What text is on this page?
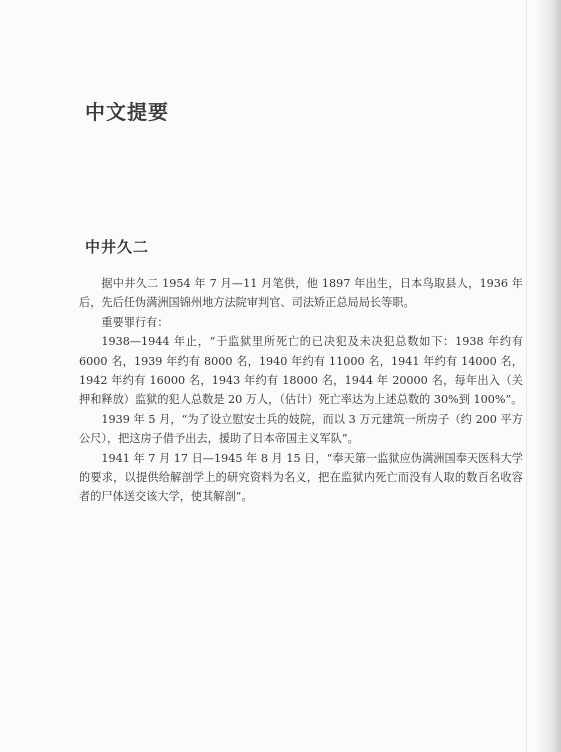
中文提要
中井久二

据中井久二 1954 年 7 月—11 月笔供，他 1897 年出生，日本鸟取县人，1936 年后，先后任伪满洲国锦州地方法院审判官、司法矫正总局局长等职。

重要罪行有：

1938—1944 年止，“于监狱里所死亡的已决犯及未决犯总数如下：1938 年约有 6000 名，1939 年约有 8000 名，1940 年约有 11000 名，1941 年约有 14000 名，1942 年约有 16000 名，1943 年约有 18000 名，1944 年 20000 名，每年出入（关押和释放）监狱的犯人总数是 20 万人，（估计）死亡率达为上述总数的 30%到 100%”。

1939 年 5 月，“为了设立慰安士兵的妓院，而以 3 万元建筑一所房子（约 200 平方公尺），把这房子借予出去，援助了日本帝国主义军队”。

1941 年 7 月 17 日—1945 年 8 月 15 日，“奉天第一监狱应伪满洲国奉天医科大学的要求，以提供给解剖学上的研究资料为名义，把在监狱内死亡而没有人取的数百名收容者的尸体送交该大学，使其解剖”。
